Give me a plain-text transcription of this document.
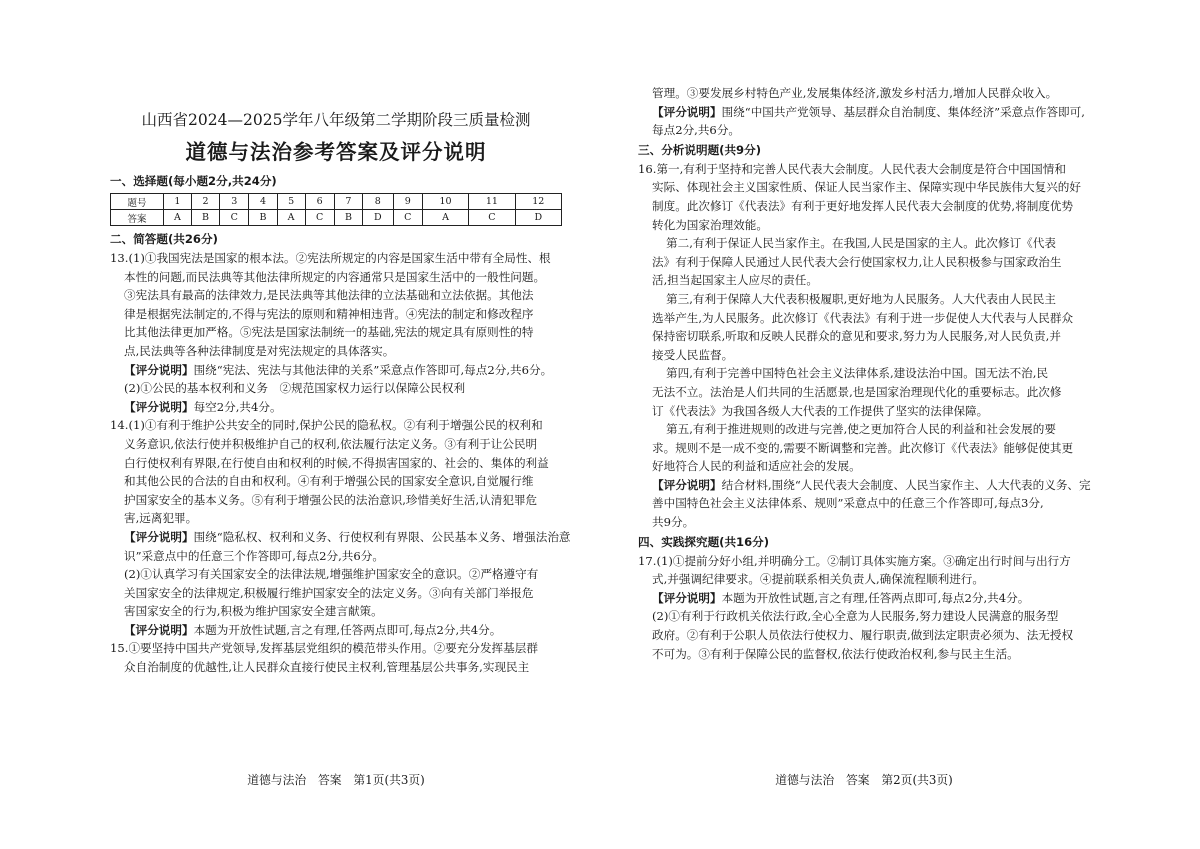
山西省2024—2025学年八年级第二学期阶段三质量检测
道德与法治参考答案及评分说明
一、选择题(每小题2分,共24分)
题号	1	2	3	4	5	6	7	8	9	10	11	12
答案	A	B	C	B	A	C	B	D	C	A	C	D
二、简答题(共26分)
13.(1)①我国宪法是国家的根本法。②宪法所规定的内容是国家生活中带有全局性、根
本性的问题,而民法典等其他法律所规定的内容通常只是国家生活中的一般性问题。
③宪法具有最高的法律效力,是民法典等其他法律的立法基础和立法依据。其他法
律是根据宪法制定的,不得与宪法的原则和精神相违背。④宪法的制定和修改程序
比其他法律更加严格。⑤宪法是国家法制统一的基础,宪法的规定具有原则性的特
点,民法典等各种法律制度是对宪法规定的具体落实。
【评分说明】围绕“宪法、宪法与其他法律的关系”采意点作答即可,每点2分,共6分。
(2)①公民的基本权利和义务　②规范国家权力运行以保障公民权利
【评分说明】每空2分,共4分。
14.(1)①有利于维护公共安全的同时,保护公民的隐私权。②有利于增强公民的权利和
义务意识,依法行使并积极维护自己的权利,依法履行法定义务。③有利于让公民明
白行使权利有界限,在行使自由和权利的时候,不得损害国家的、社会的、集体的利益
和其他公民的合法的自由和权利。④有利于增强公民的国家安全意识,自觉履行维
护国家安全的基本义务。⑤有利于增强公民的法治意识,珍惜美好生活,认清犯罪危
害,远离犯罪。
【评分说明】围绕“隐私权、权利和义务、行使权利有界限、公民基本义务、增强法治意
识”采意点中的任意三个作答即可,每点2分,共6分。
(2)①认真学习有关国家安全的法律法规,增强维护国家安全的意识。②严格遵守有
关国家安全的法律规定,积极履行维护国家安全的法定义务。③向有关部门举报危
害国家安全的行为,积极为维护国家安全建言献策。
【评分说明】本题为开放性试题,言之有理,任答两点即可,每点2分,共4分。
15.①要坚持中国共产党领导,发挥基层党组织的模范带头作用。②要充分发挥基层群
众自治制度的优越性,让人民群众直接行使民主权利,管理基层公共事务,实现民主
道德与法治　答案　第1页(共3页)
管理。③要发展乡村特色产业,发展集体经济,激发乡村活力,增加人民群众收入。
【评分说明】围绕“中国共产党领导、基层群众自治制度、集体经济”采意点作答即可,
每点2分,共6分。
三、分析说明题(共9分)
16.第一,有利于坚持和完善人民代表大会制度。人民代表大会制度是符合中国国情和
实际、体现社会主义国家性质、保证人民当家作主、保障实现中华民族伟大复兴的好
制度。此次修订《代表法》有利于更好地发挥人民代表大会制度的优势,将制度优势
转化为国家治理效能。
第二,有利于保证人民当家作主。在我国,人民是国家的主人。此次修订《代表
法》有利于保障人民通过人民代表大会行使国家权力,让人民积极参与国家政治生
活,担当起国家主人应尽的责任。
第三,有利于保障人大代表积极履职,更好地为人民服务。人大代表由人民民主
选举产生,为人民服务。此次修订《代表法》有利于进一步促使人大代表与人民群众
保持密切联系,听取和反映人民群众的意见和要求,努力为人民服务,对人民负责,并
接受人民监督。
第四,有利于完善中国特色社会主义法律体系,建设法治中国。国无法不治,民
无法不立。法治是人们共同的生活愿景,也是国家治理现代化的重要标志。此次修
订《代表法》为我国各级人大代表的工作提供了坚实的法律保障。
第五,有利于推进规则的改进与完善,使之更加符合人民的利益和社会发展的要
求。规则不是一成不变的,需要不断调整和完善。此次修订《代表法》能够促使其更
好地符合人民的利益和适应社会的发展。
【评分说明】结合材料,围绕“人民代表大会制度、人民当家作主、人大代表的义务、完
善中国特色社会主义法律体系、规则”采意点中的任意三个作答即可,每点3分,
共9分。
四、实践探究题(共16分)
17.(1)①提前分好小组,并明确分工。②制订具体实施方案。③确定出行时间与出行方
式,并强调纪律要求。④提前联系相关负责人,确保流程顺利进行。
【评分说明】本题为开放性试题,言之有理,任答两点即可,每点2分,共4分。
(2)①有利于行政机关依法行政,全心全意为人民服务,努力建设人民满意的服务型
政府。②有利于公职人员依法行使权力、履行职责,做到法定职责必须为、法无授权
不可为。③有利于保障公民的监督权,依法行使政治权利,参与民主生活。
道德与法治　答案　第2页(共3页)
